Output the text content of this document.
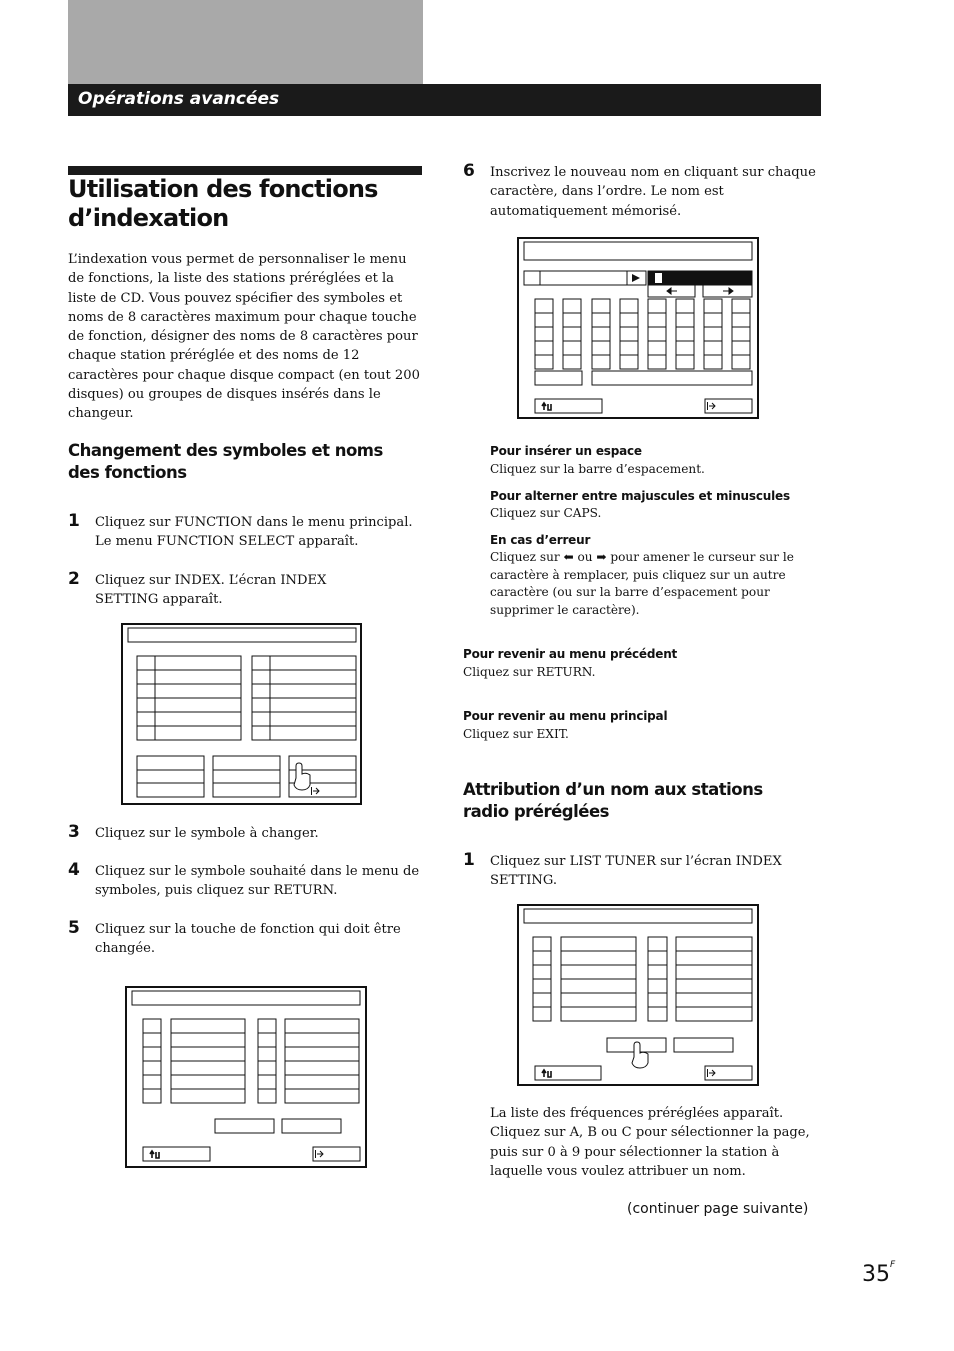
Opérations avancées
Utilisation des fonctions d’indexation
L’indexation vous permet de personnaliser le menu de fonctions, la liste des stations préréglées et la liste de CD. Vous pouvez spécifier des symboles et noms de 8 caractères maximum pour chaque touche de fonction, désigner des noms de 8 caractères pour chaque station préréglée et des noms de 12 caractères pour chaque disque compact (en tout 200 disques) ou groupes de disques insérés dans le changeur.
Changement des symboles et noms des fonctions
1 Cliquez sur FUNCTION dans le menu principal. Le menu FUNCTION SELECT apparaît.
2 Cliquez sur INDEX. L’écran INDEX SETTING apparaît.
3 Cliquez sur le symbole à changer.
4 Cliquez sur le symbole souhaité dans le menu de symboles, puis cliquez sur RETURN.
5 Cliquez sur la touche de fonction qui doit être changée.
6 Inscrivez le nouveau nom en cliquant sur chaque caractère, dans l’ordre. Le nom est automatiquement mémorisé.
Pour insérer un espace
Cliquez sur la barre d’espacement.
Pour alterner entre majuscules et minuscules
Cliquez sur CAPS.
En cas d’erreur
Cliquez sur ⬅ ou ➡ pour amener le curseur sur le caractère à remplacer, puis cliquez sur un autre caractère (ou sur la barre d’espacement pour supprimer le caractère).
Pour revenir au menu précédent
Cliquez sur RETURN.
Pour revenir au menu principal
Cliquez sur EXIT.
Attribution d’un nom aux stations radio préréglées
1 Cliquez sur LIST TUNER sur l’écran INDEX SETTING.
La liste des fréquences préréglées apparaît. Cliquez sur A, B ou C pour sélectionner la page, puis sur 0 à 9 pour sélectionner la station à laquelle vous voulez attribuer un nom.
(continuer page suivante)
$35^F$
